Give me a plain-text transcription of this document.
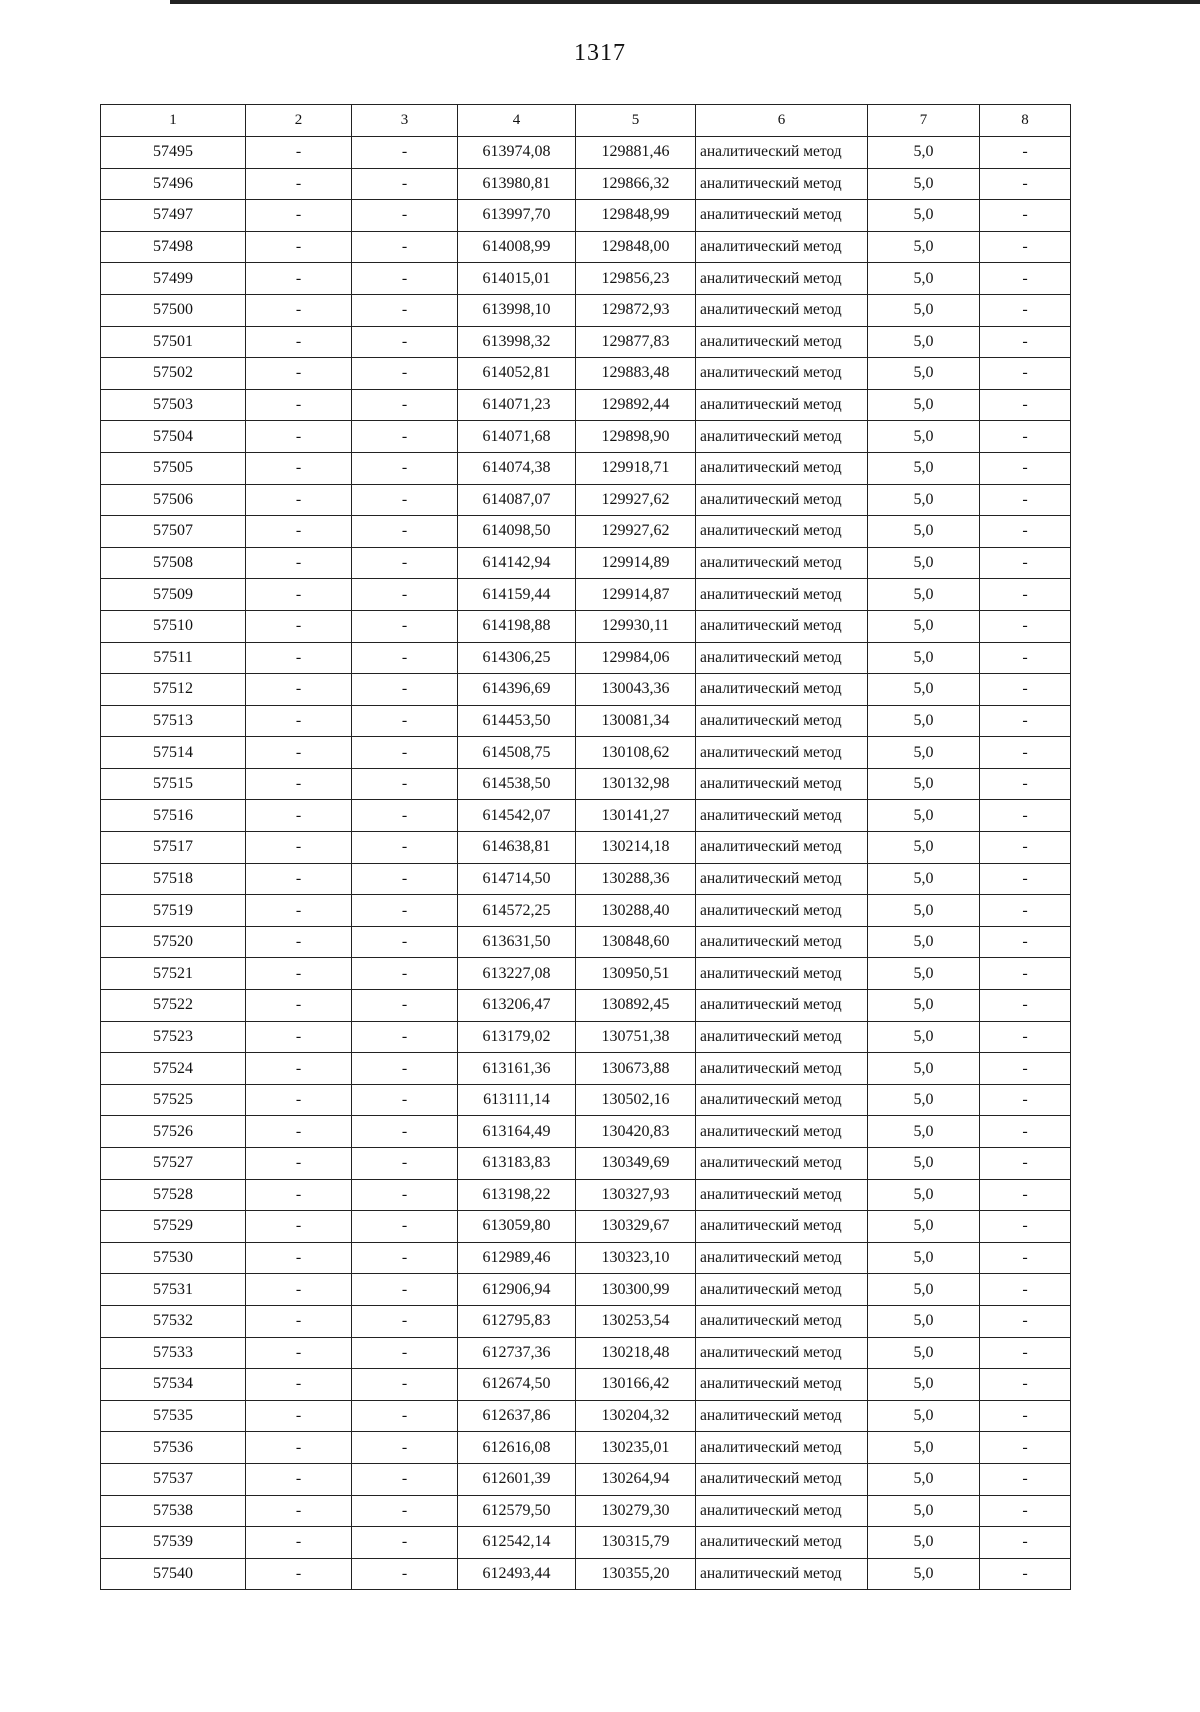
1317
1	2	3	4	5	6	7	8
57495	-	-	613974,08	129881,46	аналитический метод	5,0	-
57496	-	-	613980,81	129866,32	аналитический метод	5,0	-
57497	-	-	613997,70	129848,99	аналитический метод	5,0	-
57498	-	-	614008,99	129848,00	аналитический метод	5,0	-
57499	-	-	614015,01	129856,23	аналитический метод	5,0	-
57500	-	-	613998,10	129872,93	аналитический метод	5,0	-
57501	-	-	613998,32	129877,83	аналитический метод	5,0	-
57502	-	-	614052,81	129883,48	аналитический метод	5,0	-
57503	-	-	614071,23	129892,44	аналитический метод	5,0	-
57504	-	-	614071,68	129898,90	аналитический метод	5,0	-
57505	-	-	614074,38	129918,71	аналитический метод	5,0	-
57506	-	-	614087,07	129927,62	аналитический метод	5,0	-
57507	-	-	614098,50	129927,62	аналитический метод	5,0	-
57508	-	-	614142,94	129914,89	аналитический метод	5,0	-
57509	-	-	614159,44	129914,87	аналитический метод	5,0	-
57510	-	-	614198,88	129930,11	аналитический метод	5,0	-
57511	-	-	614306,25	129984,06	аналитический метод	5,0	-
57512	-	-	614396,69	130043,36	аналитический метод	5,0	-
57513	-	-	614453,50	130081,34	аналитический метод	5,0	-
57514	-	-	614508,75	130108,62	аналитический метод	5,0	-
57515	-	-	614538,50	130132,98	аналитический метод	5,0	-
57516	-	-	614542,07	130141,27	аналитический метод	5,0	-
57517	-	-	614638,81	130214,18	аналитический метод	5,0	-
57518	-	-	614714,50	130288,36	аналитический метод	5,0	-
57519	-	-	614572,25	130288,40	аналитический метод	5,0	-
57520	-	-	613631,50	130848,60	аналитический метод	5,0	-
57521	-	-	613227,08	130950,51	аналитический метод	5,0	-
57522	-	-	613206,47	130892,45	аналитический метод	5,0	-
57523	-	-	613179,02	130751,38	аналитический метод	5,0	-
57524	-	-	613161,36	130673,88	аналитический метод	5,0	-
57525	-	-	613111,14	130502,16	аналитический метод	5,0	-
57526	-	-	613164,49	130420,83	аналитический метод	5,0	-
57527	-	-	613183,83	130349,69	аналитический метод	5,0	-
57528	-	-	613198,22	130327,93	аналитический метод	5,0	-
57529	-	-	613059,80	130329,67	аналитический метод	5,0	-
57530	-	-	612989,46	130323,10	аналитический метод	5,0	-
57531	-	-	612906,94	130300,99	аналитический метод	5,0	-
57532	-	-	612795,83	130253,54	аналитический метод	5,0	-
57533	-	-	612737,36	130218,48	аналитический метод	5,0	-
57534	-	-	612674,50	130166,42	аналитический метод	5,0	-
57535	-	-	612637,86	130204,32	аналитический метод	5,0	-
57536	-	-	612616,08	130235,01	аналитический метод	5,0	-
57537	-	-	612601,39	130264,94	аналитический метод	5,0	-
57538	-	-	612579,50	130279,30	аналитический метод	5,0	-
57539	-	-	612542,14	130315,79	аналитический метод	5,0	-
57540	-	-	612493,44	130355,20	аналитический метод	5,0	-
